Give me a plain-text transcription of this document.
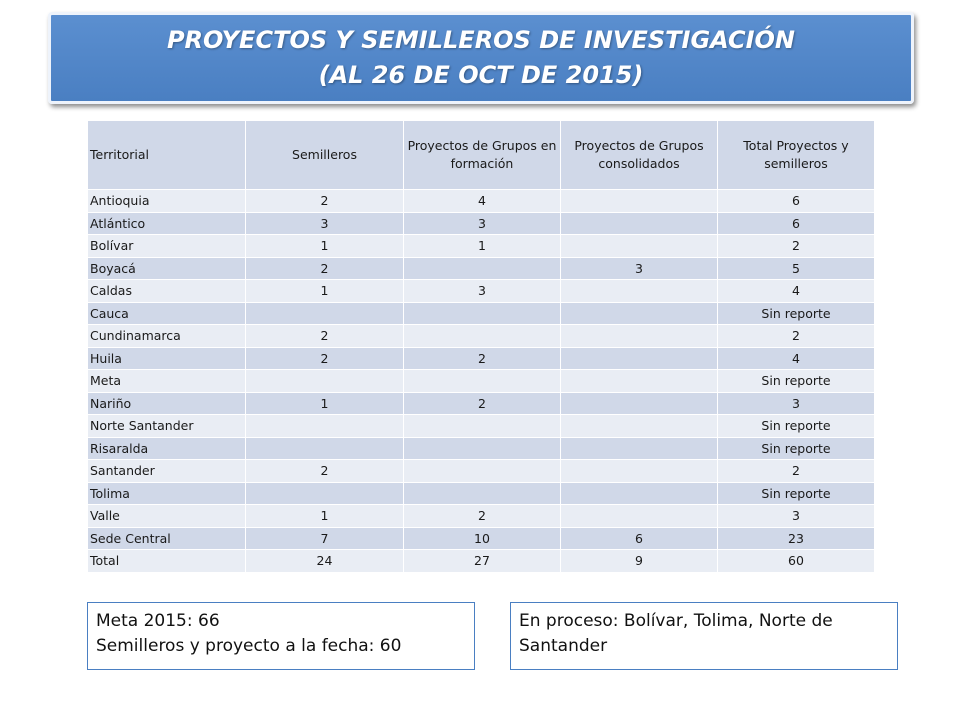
PROYECTOS Y SEMILLEROS DE INVESTIGACIÓN
(AL 26 DE OCT DE 2015)
Territorial	Semilleros	Proyectos de Grupos en formación	Proyectos de Grupos consolidados	Total Proyectos y semilleros
Antioquia	2	4		6
Atlántico	3	3		6
Bolívar	1	1		2
Boyacá	2		3	5
Caldas	1	3		4
Cauca				Sin reporte
Cundinamarca	2			2
Huila	2	2		4
Meta				Sin reporte
Nariño	1	2		3
Norte Santander				Sin reporte
Risaralda				Sin reporte
Santander	2			2
Tolima				Sin reporte
Valle	1	2		3
Sede Central	7	10	6	23
Total	24	27	9	60
Meta 2015: 66
Semilleros y proyecto a la fecha: 60
En proceso: Bolívar, Tolima, Norte de Santander
